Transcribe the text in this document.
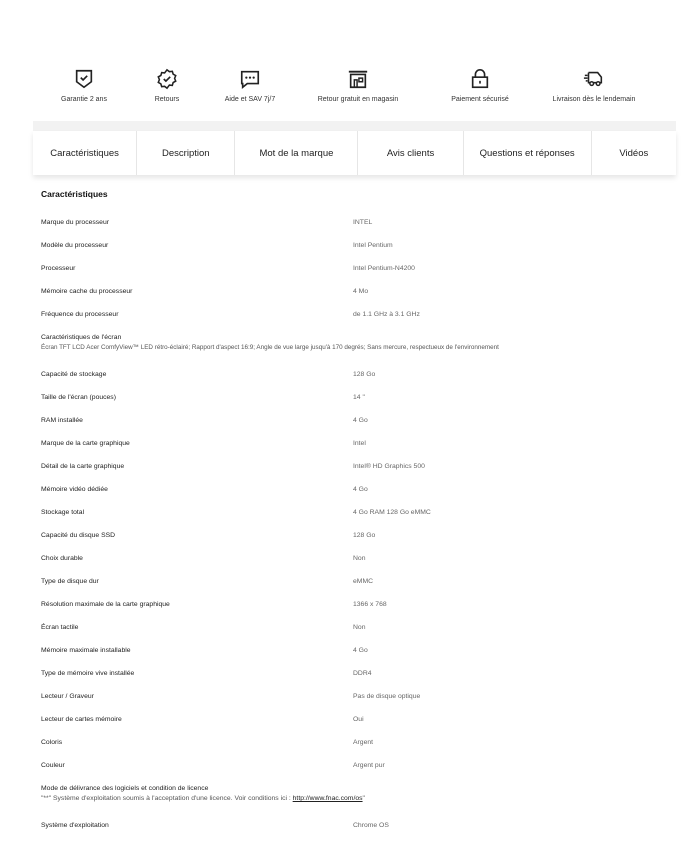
Garantie 2 ans	Retours	Aide et SAV 7j/7	Retour gratuit en magasin	Paiement sécurisé	Livraison dès le lendemain
Caractéristiques	Description	Mot de la marque	Avis clients	Questions et réponses	Vidéos
Caractéristiques
Marque du processeur	INTEL
Modèle du processeur	Intel Pentium
Processeur	Intel Pentium-N4200
Mémoire cache du processeur	4 Mo
Fréquence du processeur	de 1.1 GHz à 3.1 GHz
Caractéristiques de l'écran
Écran TFT LCD Acer ComfyView™ LED rétro-éclairé; Rapport d'aspect 16:9; Angle de vue large jusqu'à 170 degrés; Sans mercure, respectueux de l'environnement
Capacité de stockage	128 Go
Taille de l'écran (pouces)	14 "
RAM installée	4 Go
Marque de la carte graphique	Intel
Détail de la carte graphique	Intel® HD Graphics 500
Mémoire vidéo dédiée	4 Go
Stockage total	4 Go RAM 128 Go eMMC
Capacité du disque SSD	128 Go
Choix durable	Non
Type de disque dur	eMMC
Résolution maximale de la carte graphique	1366 x 768
Écran tactile	Non
Mémoire maximale installable	4 Go
Type de mémoire vive installée	DDR4
Lecteur / Graveur	Pas de disque optique
Lecteur de cartes mémoire	Oui
Coloris	Argent
Couleur	Argent pur
Mode de délivrance des logiciels et condition de licence
"**" Système d'exploitation soumis à l'acceptation d'une licence. Voir conditions ici : http://www.fnac.com/os"
Système d'exploitation	Chrome OS
